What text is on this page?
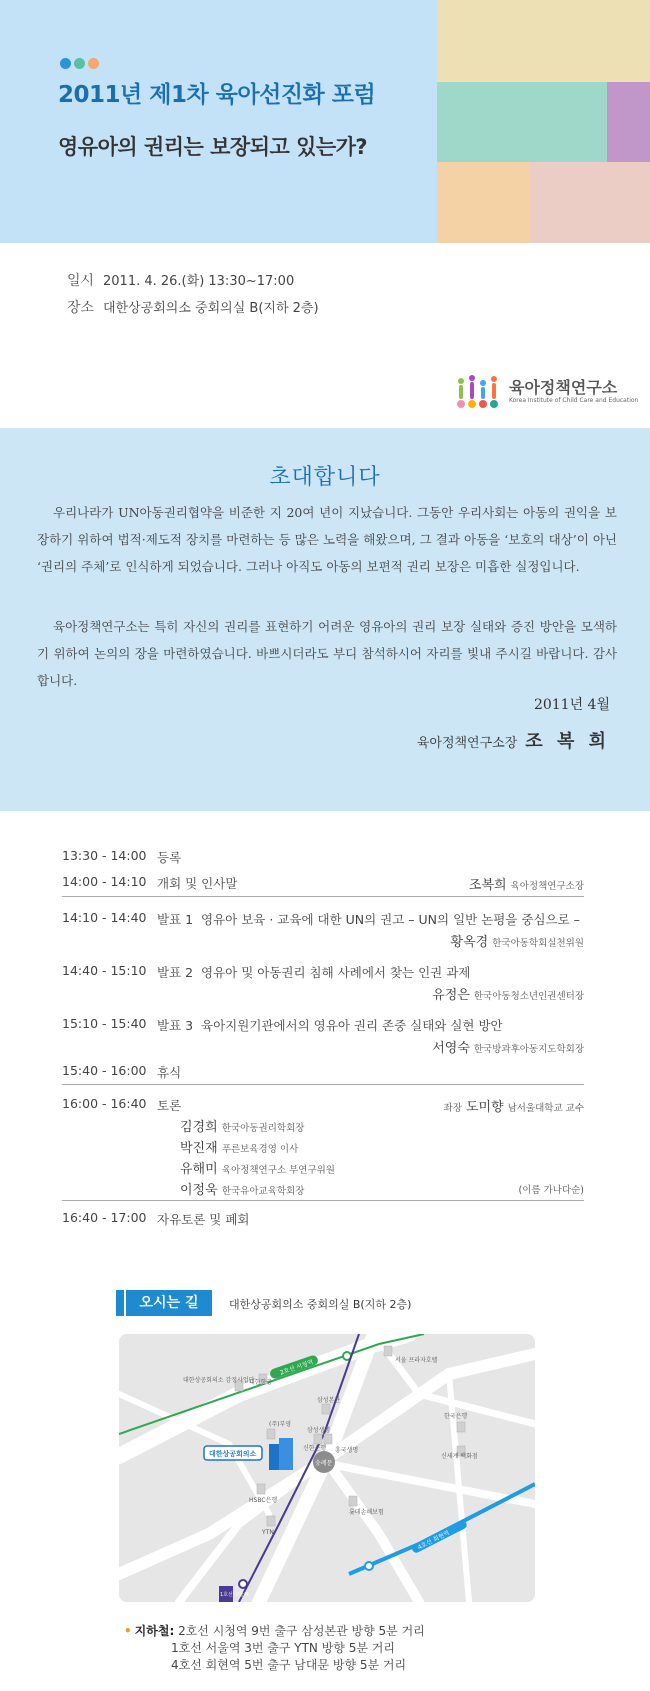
2011년 제1차 육아선진화 포럼
영유아의 권리는 보장되고 있는가?
일시 2011. 4. 26.(화) 13:30~17:00
장소 대한상공회의소 중회의실 B(지하 2층)
육아정책연구소
Korea Institute of Child Care and Education
초대합니다
우리나라가 UN아동권리협약을 비준한 지 20여 년이 지났습니다. 그동안 우리사회는 아동의 권익을 보장하기 위하여 법적·제도적 장치를 마련하는 등 많은 노력을 해왔으며, 그 결과 아동을 ‘보호의 대상’이 아닌 ‘권리의 주체’로 인식하게 되었습니다. 그러나 아직도 아동의 보편적 권리 보장은 미흡한 실정입니다.
육아정책연구소는 특히 자신의 권리를 표현하기 어려운 영유아의 권리 보장 실태와 증진 방안을 모색하기 위하여 논의의 장을 마련하였습니다. 바쁘시더라도 부디 참석하시어 자리를 빛내 주시길 바랍니다. 감사합니다.
2011년 4월
육아정책연구소장 조 복 희
13:30 - 14:00 등록
14:00 - 14:10 개회 및 인사말	조복희 육아정책연구소장
14:10 - 14:40 발표 1 영유아 보육 · 교육에 대한 UN의 권고 – UN의 일반 논평을 중심으로 –
황옥경 한국아동학회실천위원
14:40 - 15:10 발표 2 영유아 및 아동권리 침해 사례에서 찾는 인권 과제
유정은 한국아동청소년인권센터장
15:10 - 15:40 발표 3 육아지원기관에서의 영유아 권리 존중 실태와 실현 방안
서영숙 한국방과후아동지도학회장
15:40 - 16:00 휴식
16:00 - 16:40 토론	좌장 도미향 남서울대학교 교수
김경희 한국아동권리학회장
박진재 푸른보육경영 이사
유해미 육아정책연구소 부연구위원
이정욱 한국유아교육학회장	(이름 가나다순)
16:40 - 17:00 자유토론 및 폐회
오시는 길	대한상공회의소 중회의실 B(지하 2층)
2호선 시청역
4호선 회현역
숭례문
대한상공회의소
대한상공회의소 감정사업단
대한항공
서울 프라자호텔
삼성본관
한국은행
(주)부영
삼성생명
신한은행 흥국생명
신세계 백화점
HSBC은행
롯데손해보험
YTN
1호선 서울역
• 지하철: 2호선 시청역 9번 출구 삼성본관 방향 5분 거리
1호선 서울역 3번 출구 YTN 방향 5분 거리
4호선 회현역 5번 출구 남대문 방향 5분 거리
